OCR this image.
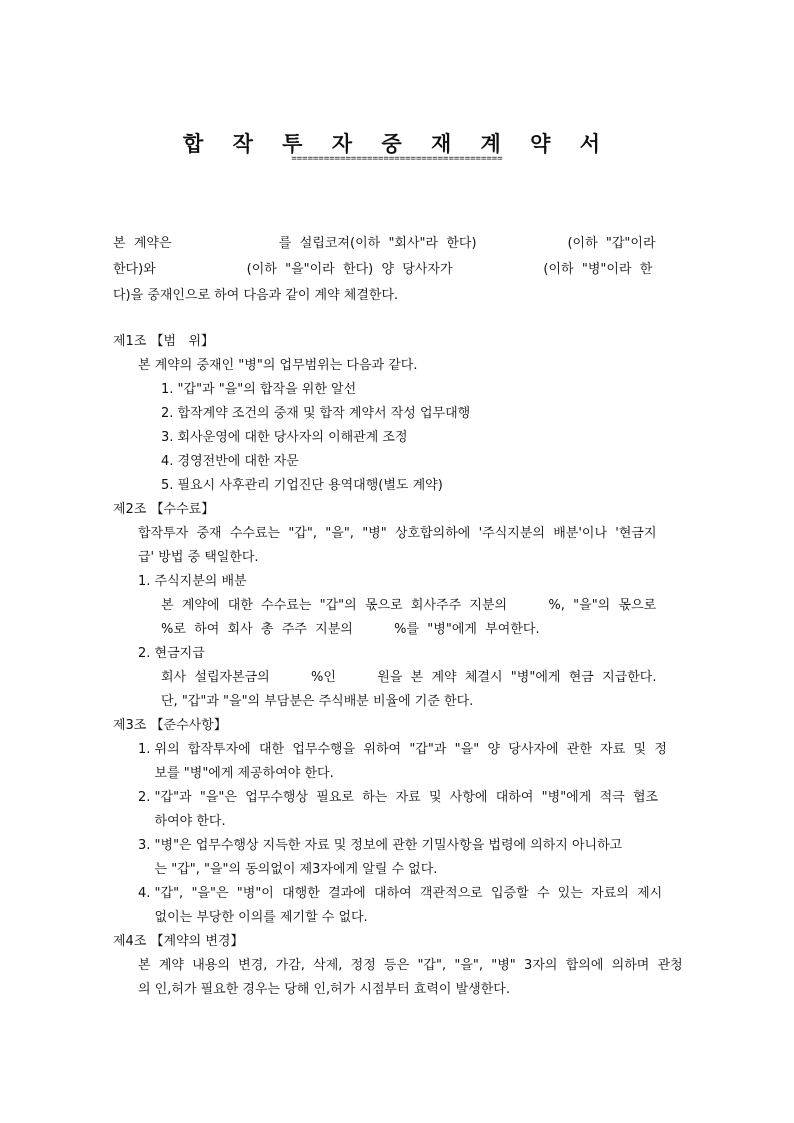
합 작 투 자 중 재 계 약 서
=======================================
본  계약은                          를  설립코져(이하  "회사"라  한다)                      (이하  "갑"이라
한다)와                      (이하  "을"이라  한다)  양  당사자가                      (이하  "병"이라  한
다)을 중재인으로 하여 다음과 같이 계약 체결한다.
제1조 【범   위】
본 계약의 중재인 "병"의 업무범위는 다음과 같다.
1. "갑"과 "을"의 합작을 위한 알선
2. 합작계약 조건의 중재 및 합작 계약서 작성 업무대행
3. 회사운영에 대한 당사자의 이해관계 조정
4. 경영전반에 대한 자문
5. 필요시 사후관리 기업진단 용역대행(별도 계약)
제2조 【수수료】
합작투자  중재  수수료는  "갑",  "을",  "병"  상호합의하에  '주식지분의  배분'이나  '현금지
급' 방법 중 택일한다.
1. 주식지분의 배분
본  계약에  대한  수수료는  "갑"의  몫으로  회사주주  지분의          %,  "을"의  몫으로
%로  하여  회사  총  주주  지분의          %를  "병"에게  부여한다.
2. 현금지급
회사  설립자본금의          %인          원을  본  계약  체결시  "병"에게  현금  지급한다.
단, "갑"과 "을"의 부담분은 주식배분 비율에 기준 한다.
제3조 【준수사항】
1. 위의  합작투자에  대한  업무수행을  위하여  "갑"과  "을"  양  당사자에  관한  자료  및  정
보를 "병"에게 제공하여야 한다.
2. "갑"과  "을"은  업무수행상  필요로  하는  자료  및  사항에  대하여  "병"에게  적극  협조
하여야 한다.
3. "병"은 업무수행상 지득한 자료 및 정보에 관한 기밀사항을 법령에 의하지 아니하고
는 "갑", "을"의 동의없이 제3자에게 알릴 수 없다.
4. "갑",  "을"은  "병"이  대행한  결과에  대하여  객관적으로  입증할  수  있는  자료의  제시
없이는 부당한 이의를 제기할 수 없다.
제4조 【계약의 변경】
본  계약  내용의  변경,  가감,  삭제,  정정  등은  "갑",  "을",  "병"  3자의  합의에  의하며  관청
의 인,허가 필요한 경우는 당해 인,허가 시점부터 효력이 발생한다.
